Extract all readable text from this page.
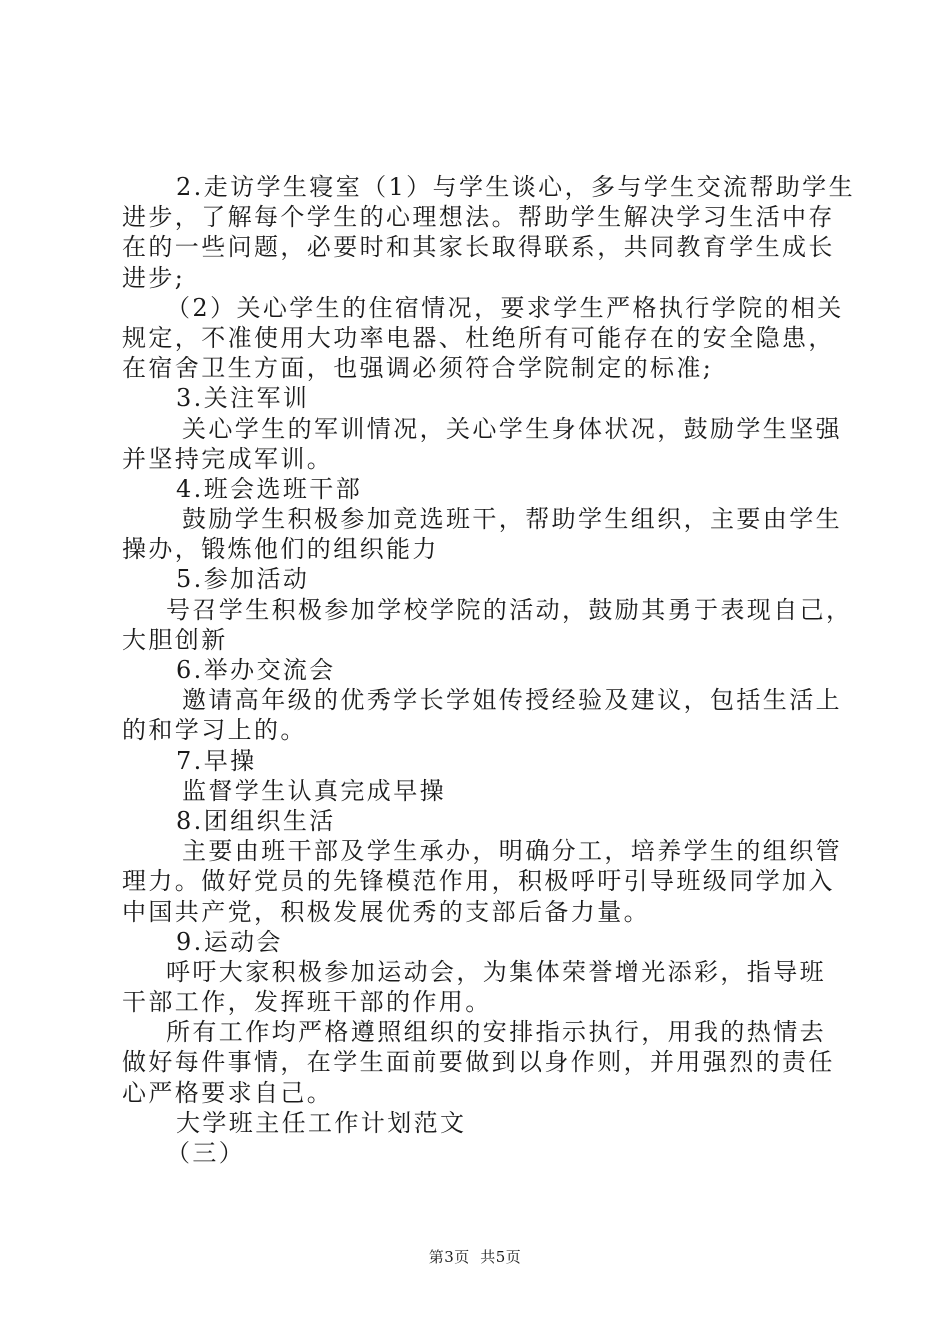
2.走访学生寝室（1）与学生谈心，多与学生交流帮助学生
进步，了解每个学生的心理想法。帮助学生解决学习生活中存
在的一些问题，必要时和其家长取得联系，共同教育学生成长
进步;
（2）关心学生的住宿情况，要求学生严格执行学院的相关
规定，不准使用大功率电器、杜绝所有可能存在的安全隐患，
在宿舍卫生方面，也强调必须符合学院制定的标准;
3.关注军训
关心学生的军训情况，关心学生身体状况，鼓励学生坚强
并坚持完成军训。
4.班会选班干部
鼓励学生积极参加竞选班干，帮助学生组织，主要由学生
操办，锻炼他们的组织能力
5.参加活动
号召学生积极参加学校学院的活动，鼓励其勇于表现自己，
大胆创新
6.举办交流会
邀请高年级的优秀学长学姐传授经验及建议，包括生活上
的和学习上的。
7.早操
监督学生认真完成早操
8.团组织生活
主要由班干部及学生承办，明确分工，培养学生的组织管
理力。做好党员的先锋模范作用，积极呼吁引导班级同学加入
中国共产党，积极发展优秀的支部后备力量。
9.运动会
呼吁大家积极参加运动会，为集体荣誉增光添彩，指导班
干部工作，发挥班干部的作用。
所有工作均严格遵照组织的安排指示执行，用我的热情去
做好每件事情，在学生面前要做到以身作则，并用强烈的责任
心严格要求自己。
大学班主任工作计划范文
（三）
第3页  共5页
